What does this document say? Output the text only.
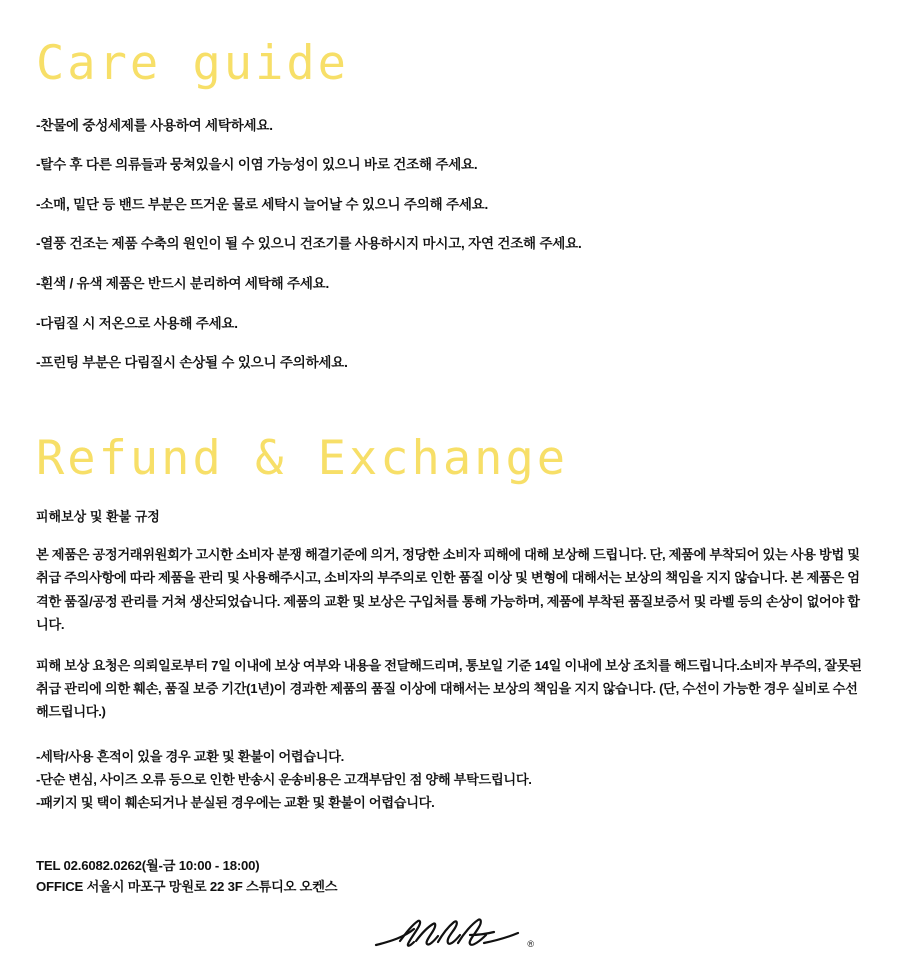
Care guide
-찬물에 중성세제를 사용하여 세탁하세요.
-탈수 후 다른 의류들과 뭉쳐있을시 이염 가능성이 있으니 바로 건조해 주세요.
-소매, 밑단 등 밴드 부분은 뜨거운 물로 세탁시 늘어날 수 있으니 주의해 주세요.
-열풍 건조는 제품 수축의 원인이 될 수 있으니 건조기를 사용하시지 마시고, 자연 건조해 주세요.
-흰색 / 유색 제품은 반드시 분리하여 세탁해 주세요.
-다림질 시 저온으로 사용해 주세요.
-프린팅 부분은 다림질시 손상될 수 있으니 주의하세요.
Refund & Exchange

피해보상 및 환불 규정

본 제품은 공정거래위원회가 고시한 소비자 분쟁 해결기준에 의거, 정당한 소비자 피해에 대해 보상해 드립니다. 단, 제품에 부착되어 있는 사용 방법 및 취급 주의사항에 따라 제품을 관리 및 사용해주시고, 소비자의 부주의로 인한 품질 이상 및 변형에 대해서는 보상의 책임을 지지 않습니다. 본 제품은 엄격한 품질/공정 관리를 거쳐 생산되었습니다. 제품의 교환 및 보상은 구입처를 통해 가능하며, 제품에 부착된 품질보증서 및 라벨 등의 손상이 없어야 합니다.

피해 보상 요청은 의뢰일로부터 7일 이내에 보상 여부와 내용을 전달해드리며, 통보일 기준 14일 이내에 보상 조치를 해드립니다.소비자 부주의, 잘못된 취급 관리에 의한 훼손, 품질 보증 기간(1년)이 경과한 제품의 품질 이상에 대해서는 보상의 책임을 지지 않습니다. (단, 수선이 가능한 경우 실비로 수선해드립니다.)

-세탁/사용 흔적이 있을 경우 교환 및 환불이 어렵습니다.
-단순 변심, 사이즈 오류 등으로 인한 반송시 운송비용은 고객부담인 점 양해 부탁드립니다.
-패키지 및 택이 훼손되거나 분실된 경우에는 교환 및 환불이 어렵습니다.
TEL 02.6082.0262(월-금 10:00 - 18:00)
OFFICE 서울시 마포구 망원로 22 3F 스튜디오 오켄스
®
